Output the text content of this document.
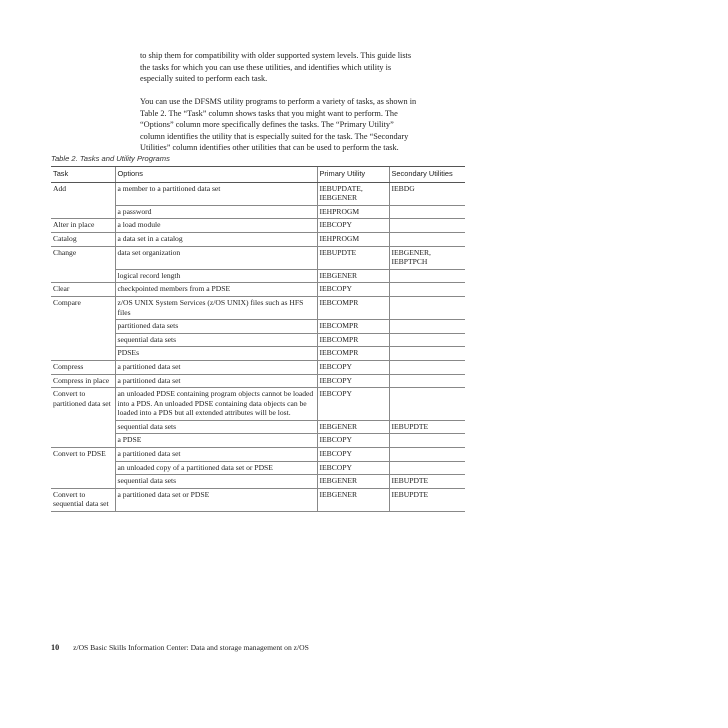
to ship them for compatibility with older supported system levels. This guide lists
the tasks for which you can use these utilities, and identifies which utility is
especially suited to perform each task.
You can use the DFSMS utility programs to perform a variety of tasks, as shown in
Table 2. The “Task” column shows tasks that you might want to perform. The
“Options” column more specifically defines the tasks. The “Primary Utility”
column identifies the utility that is especially suited for the task. The “Secondary
Utilities” column identifies other utilities that can be used to perform the task.
Table 2. Tasks and Utility Programs
Task	Options	Primary Utility	Secondary Utilities
Add	a member to a partitioned data set	IEBUPDATE, IEBGENER	IEBDG
	a password	IEHPROGM	
Alter in place	a load module	IEBCOPY	
Catalog	a data set in a catalog	IEHPROGM	
Change	data set organization	IEBUPDTE	IEBGENER, IEBPTPCH
	logical record length	IEBGENER	
Clear	checkpointed members from a PDSE	IEBCOPY	
Compare	z/OS UNIX System Services (z/OS UNIX) files such as HFS files	IEBCOMPR	
	partitioned data sets	IEBCOMPR	
	sequential data sets	IEBCOMPR	
	PDSEs	IEBCOMPR	
Compress	a partitioned data set	IEBCOPY	
Compress in place	a partitioned data set	IEBCOPY	
Convert to partitioned data set	an unloaded PDSE containing program objects cannot be loaded into a PDS. An unloaded PDSE containing data objects can be loaded into a PDS but all extended attributes will be lost.	IEBCOPY	
	sequential data sets	IEBGENER	IEBUPDTE
	a PDSE	IEBCOPY	
Convert to PDSE	a partitioned data set	IEBCOPY	
	an unloaded copy of a partitioned data set or PDSE	IEBCOPY	
	sequential data sets	IEBGENER	IEBUPDTE
Convert to sequential data set	a partitioned data set or PDSE	IEBGENER	IEBUPDTE
10 z/OS Basic Skills Information Center: Data and storage management on z/OS
